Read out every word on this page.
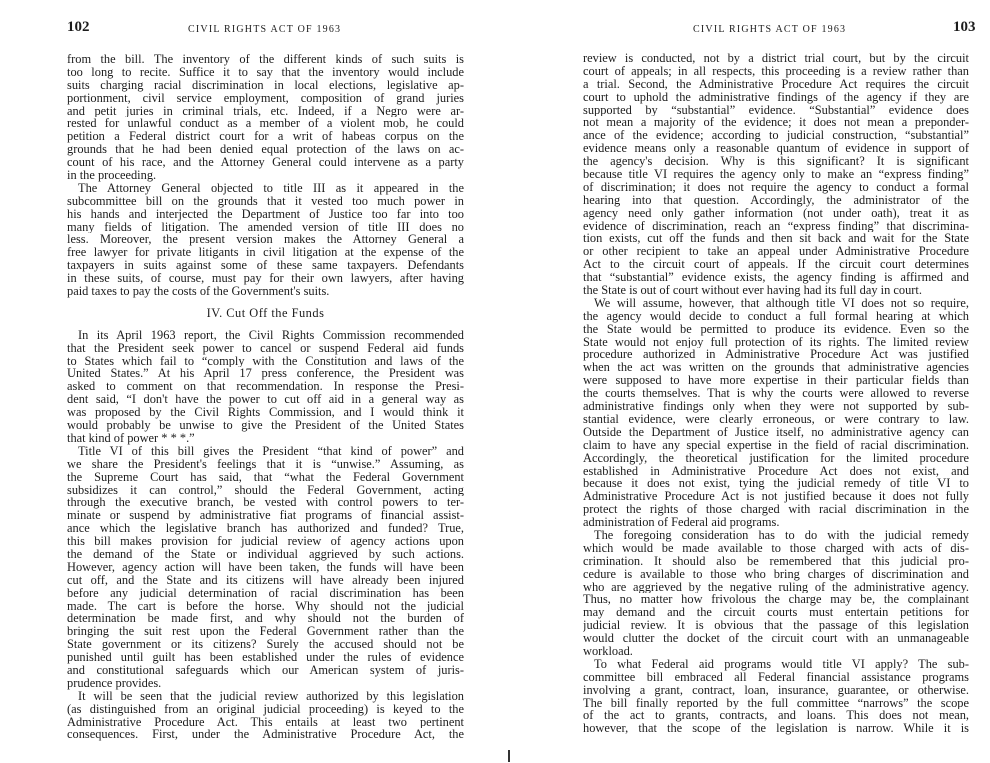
102	CIVIL RIGHTS ACT OF 1963
from the bill. The inventory of the different kinds of such suits is
too long to recite. Suffice it to say that the inventory would include
suits charging racial discrimination in local elections, legislative ap-
portionment, civil service employment, composition of grand juries
and petit juries in criminal trials, etc. Indeed, if a Negro were ar-
rested for unlawful conduct as a member of a violent mob, he could
petition a Federal district court for a writ of habeas corpus on the
grounds that he had been denied equal protection of the laws on ac-
count of his race, and the Attorney General could intervene as a party
in the proceeding.
The Attorney General objected to title III as it appeared in the
subcommittee bill on the grounds that it vested too much power in
his hands and interjected the Department of Justice too far into too
many fields of litigation. The amended version of title III does no
less. Moreover, the present version makes the Attorney General a
free lawyer for private litigants in civil litigation at the expense of the
taxpayers in suits against some of these same taxpayers. Defendants
in these suits, of course, must pay for their own lawyers, after having
paid taxes to pay the costs of the Government's suits.
IV. Cut Off the Funds
In its April 1963 report, the Civil Rights Commission recommended
that the President seek power to cancel or suspend Federal aid funds
to States which fail to “comply with the Constitution and laws of the
United States.” At his April 17 press conference, the President was
asked to comment on that recommendation. In response the Presi-
dent said, “I don't have the power to cut off aid in a general way as
was proposed by the Civil Rights Commission, and I would think it
would probably be unwise to give the President of the United States
that kind of power * * *.”
Title VI of this bill gives the President “that kind of power” and
we share the President's feelings that it is “unwise.” Assuming, as
the Supreme Court has said, that “what the Federal Government
subsidizes it can control,” should the Federal Government, acting
through the executive branch, be vested with control powers to ter-
minate or suspend by administrative fiat programs of financial assist-
ance which the legislative branch has authorized and funded? True,
this bill makes provision for judicial review of agency actions upon
the demand of the State or individual aggrieved by such actions.
However, agency action will have been taken, the funds will have been
cut off, and the State and its citizens will have already been injured
before any judicial determination of racial discrimination has been
made. The cart is before the horse. Why should not the judicial
determination be made first, and why should not the burden of
bringing the suit rest upon the Federal Government rather than the
State government or its citizens? Surely the accused should not be
punished until guilt has been established under the rules of evidence
and constitutional safeguards which our American system of juris-
prudence provides.
It will be seen that the judicial review authorized by this legislation
(as distinguished from an original judicial proceeding) is keyed to the
Administrative Procedure Act. This entails at least two pertinent
consequences. First, under the Administrative Procedure Act, the
CIVIL RIGHTS ACT OF 1963	103
review is conducted, not by a district trial court, but by the circuit
court of appeals; in all respects, this proceeding is a review rather than
a trial. Second, the Administrative Procedure Act requires the circuit
court to uphold the administrative findings of the agency if they are
supported by “substantial” evidence. “Substantial” evidence does
not mean a majority of the evidence; it does not mean a preponder-
ance of the evidence; according to judicial construction, “substantial”
evidence means only a reasonable quantum of evidence in support of
the agency's decision. Why is this significant? It is significant
because title VI requires the agency only to make an “express finding”
of discrimination; it does not require the agency to conduct a formal
hearing into that question. Accordingly, the administrator of the
agency need only gather information (not under oath), treat it as
evidence of discrimination, reach an “express finding” that discrimina-
tion exists, cut off the funds and then sit back and wait for the State
or other recipient to take an appeal under Administrative Procedure
Act to the circuit court of appeals. If the circuit court determines
that “substantial” evidence exists, the agency finding is affirmed and
the State is out of court without ever having had its full day in court.
We will assume, however, that although title VI does not so require,
the agency would decide to conduct a full formal hearing at which
the State would be permitted to produce its evidence. Even so the
State would not enjoy full protection of its rights. The limited review
procedure authorized in Administrative Procedure Act was justified
when the act was written on the grounds that administrative agencies
were supposed to have more expertise in their particular fields than
the courts themselves. That is why the courts were allowed to reverse
administrative findings only when they were not supported by sub-
stantial evidence, were clearly erroneous, or were contrary to law.
Outside the Department of Justice itself, no administrative agency can
claim to have any special expertise in the field of racial discrimination.
Accordingly, the theoretical justification for the limited procedure
established in Administrative Procedure Act does not exist, and
because it does not exist, tying the judicial remedy of title VI to
Administrative Procedure Act is not justified because it does not fully
protect the rights of those charged with racial discrimination in the
administration of Federal aid programs.
The foregoing consideration has to do with the judicial remedy
which would be made available to those charged with acts of dis-
crimination. It should also be remembered that this judicial pro-
cedure is available to those who bring charges of discrimination and
who are aggrieved by the negative ruling of the administrative agency.
Thus, no matter how frivolous the charge may be, the complainant
may demand and the circuit courts must entertain petitions for
judicial review. It is obvious that the passage of this legislation
would clutter the docket of the circuit court with an unmanageable
workload.
To what Federal aid programs would title VI apply? The sub-
committee bill embraced all Federal financial assistance programs
involving a grant, contract, loan, insurance, guarantee, or otherwise.
The bill finally reported by the full committee “narrows” the scope
of the act to grants, contracts, and loans. This does not mean,
however, that the scope of the legislation is narrow. While it is
